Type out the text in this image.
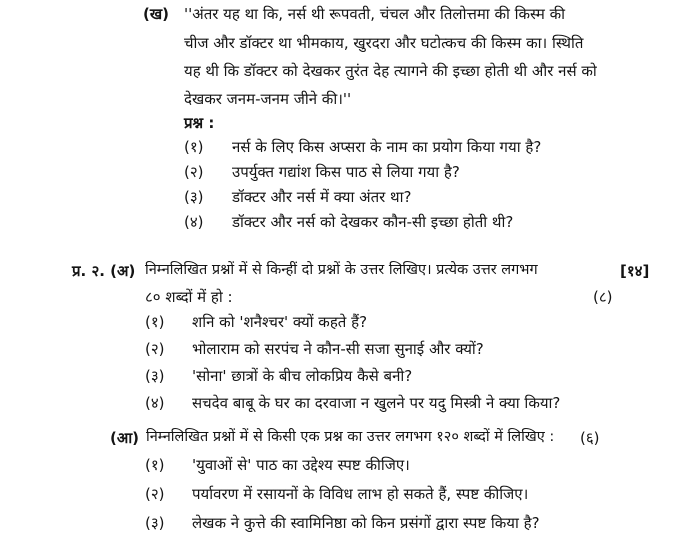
(ख) ''अंतर यह था कि, नर्स थी रूपवती, चंचल और तिलोत्तमा की किस्म की
चीज और डॉक्टर था भीमकाय, खुरदरा और घटोत्कच की किस्म का। स्थिति
यह थी कि डॉक्टर को देखकर तुरंत देह त्यागने की इच्छा होती थी और नर्स को
देखकर जनम-जनम जीने की।''
प्रश्न :
(१) नर्स के लिए किस अप्सरा के नाम का प्रयोग किया गया है?
(२) उपर्युक्त गद्यांश किस पाठ से लिया गया है?
(३) डॉक्टर और नर्स में क्या अंतर था?
(४) डॉक्टर और नर्स को देखकर कौन-सी इच्छा होती थी?
प्र. २. (अ) निम्नलिखित प्रश्नों में से किन्हीं दो प्रश्नों के उत्तर लिखिए। प्रत्येक उत्तर लगभग	[१४]
८० शब्दों में हो :	(८)
(१) शनि को 'शनैश्चर' क्यों कहते हैं?
(२) भोलाराम को सरपंच ने कौन-सी सजा सुनाई और क्यों?
(३) 'सोना' छात्रों के बीच लोकप्रिय कैसे बनी?
(४) सचदेव बाबू के घर का दरवाजा न खुलने पर यदु मिस्त्री ने क्या किया?
(आ) निम्नलिखित प्रश्नों में से किसी एक प्रश्न का उत्तर लगभग १२० शब्दों में लिखिए : (६)
(१) 'युवाओं से' पाठ का उद्देश्य स्पष्ट कीजिए।
(२) पर्यावरण में रसायनों के विविध लाभ हो सकते हैं, स्पष्ट कीजिए।
(३) लेखक ने कुत्ते की स्वामिनिष्ठा को किन प्रसंगों द्वारा स्पष्ट किया है?
